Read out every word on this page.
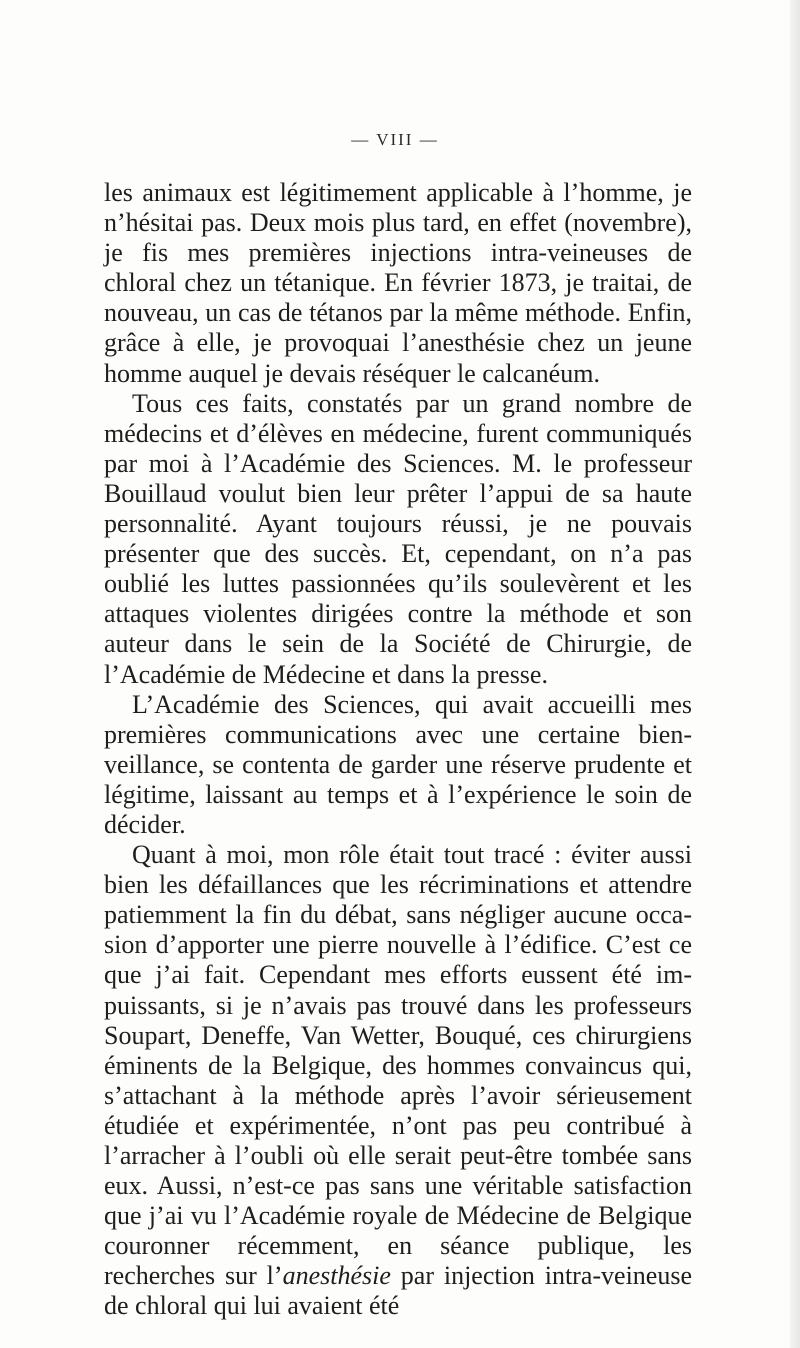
— VIII —

les animaux est légitimement applicable à l’homme, je n’hésitai pas. Deux mois plus tard, en effet (novembre), je fis mes premières injections intra-veineuses de chloral chez un tétanique. En février 1873, je traitai, de nouveau, un cas de tétanos par la même méthode. Enfin, grâce à elle, je provoquai l’anesthésie chez un jeune homme auquel je devais réséquer le calcanéum.

Tous ces faits, constatés par un grand nombre de médecins et d’élèves en médecine, furent communiqués par moi à l’Académie des Sciences. M. le professeur Bouillaud voulut bien leur prêter l’appui de sa haute personnalité. Ayant toujours réussi, je ne pouvais présenter que des succès. Et, cependant, on n’a pas oublié les luttes passionnées qu’ils soulevèrent et les attaques violentes dirigées contre la méthode et son auteur dans le sein de la Société de Chirurgie, de l’Académie de Médecine et dans la presse.

L’Académie des Sciences, qui avait accueilli mes premières communications avec une certaine bienveillance, se contenta de garder une réserve prudente et légitime, laissant au temps et à l’expérience le soin de décider.

Quant à moi, mon rôle était tout tracé : éviter aussi bien les défaillances que les récriminations et attendre patiemment la fin du débat, sans négliger aucune occasion d’apporter une pierre nouvelle à l’édifice. C’est ce que j’ai fait. Cependant mes efforts eussent été impuissants, si je n’avais pas trouvé dans les professeurs Soupart, Deneffe, Van Wetter, Bouqué, ces chirurgiens éminents de la Belgique, des hommes convaincus qui, s’attachant à la méthode après l’avoir sérieusement étudiée et expérimentée, n’ont pas peu contribué à l’arracher à l’oubli où elle serait peut-être tombée sans eux. Aussi, n’est-ce pas sans une véritable satisfaction que j’ai vu l’Académie royale de Médecine de Belgique couronner récemment, en séance publique, les recherches sur l’anesthésie par injection intra-veineuse de chloral qui lui avaient été
